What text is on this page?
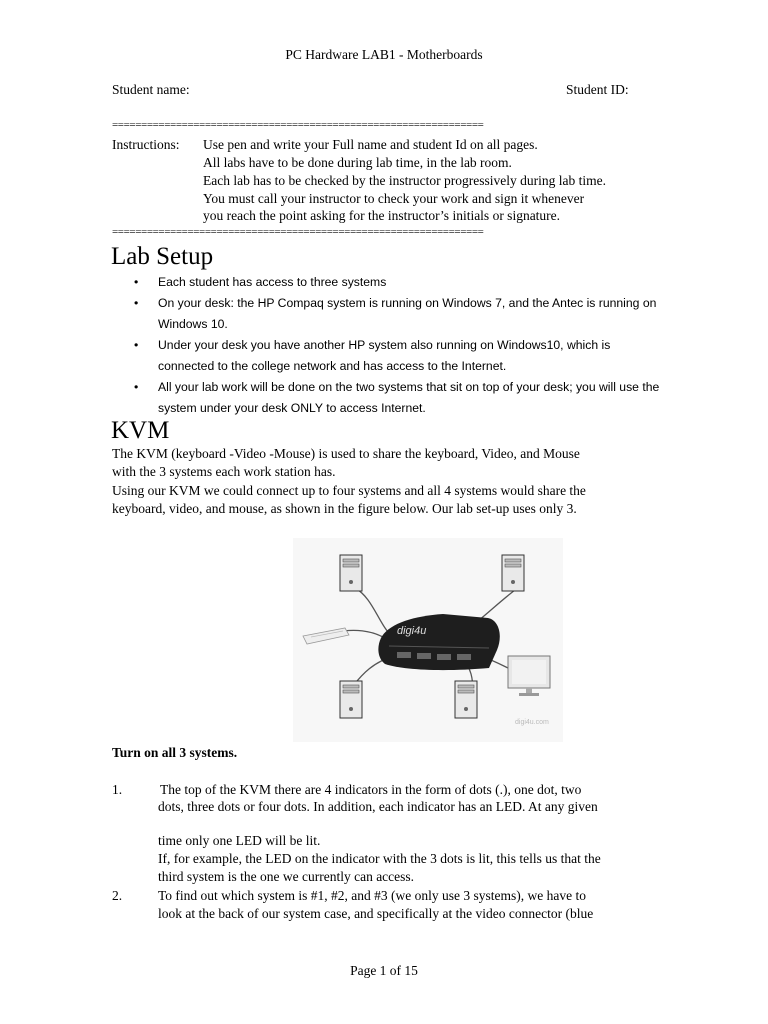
PC Hardware LAB1 - Motherboards
Student name:	Student ID:
================================================================
Instructions: Use pen and write your Full name and student Id on all pages.
All labs have to be done during lab time, in the lab room.
Each lab has to be checked by the instructor progressively during lab time.
You must call your instructor to check your work and sign it whenever
you reach the point asking for the instructor’s initials or signature.
================================================================
Lab Setup
• Each student has access to three systems
• On your desk: the HP Compaq system is running on Windows 7, and the Antec is running on Windows 10.
• Under your desk you have another HP system also running on Windows10, which is connected to the college network and has access to the Internet.
• All your lab work will be done on the two systems that sit on top of your desk; you will use the system under your desk ONLY to access Internet.
KVM
The KVM (keyboard -Video -Mouse) is used to share the keyboard, Video, and Mouse
with the 3 systems each work station has.
Using our KVM we could connect up to four systems and all 4 systems would share the
keyboard, video, and mouse, as shown in the figure below. Our lab set-up uses only 3.
digi4u
digi4u.com
Turn on all 3 systems.
1.	The top of the KVM there are 4 indicators in the form of dots (.), one dot, two
dots, three dots or four dots. In addition, each indicator has an LED. At any given
time only one LED will be lit.
If, for example, the LED on the indicator with the 3 dots is lit, this tells us that the
third system is the one we currently can access.
2.	To find out which system is #1, #2, and #3 (we only use 3 systems), we have to
look at the back of our system case, and specifically at the video connector (blue
Page 1 of 15
